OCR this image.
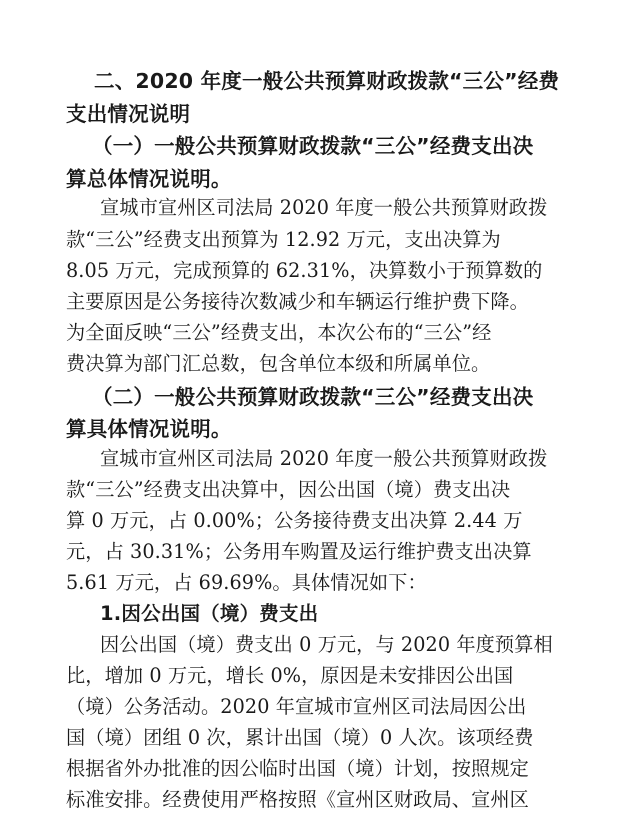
二、2020 年度一般公共预算财政拨款“三公”经费
支出情况说明
（一）一般公共预算财政拨款“三公”经费支出决
算总体情况说明。
宣城市宣州区司法局 2020 年度一般公共预算财政拨
款“三公”经费支出预算为 12.92 万元，支出决算为
8.05 万元，完成预算的 62.31%，决算数小于预算数的
主要原因是公务接待次数减少和车辆运行维护费下降。
为全面反映“三公”经费支出，本次公布的“三公”经
费决算为部门汇总数，包含单位本级和所属单位。
（二）一般公共预算财政拨款“三公”经费支出决
算具体情况说明。
宣城市宣州区司法局 2020 年度一般公共预算财政拨
款“三公”经费支出决算中，因公出国（境）费支出决
算 0 万元，占 0.00%；公务接待费支出决算 2.44 万
元，占 30.31%；公务用车购置及运行维护费支出决算
5.61 万元，占 69.69%。具体情况如下：
1.因公出国（境）费支出
因公出国（境）费支出 0 万元，与 2020 年度预算相
比，增加 0 万元，增长 0%，原因是未安排因公出国
（境）公务活动。2020 年宣城市宣州区司法局因公出
国（境）团组 0 次，累计出国（境）0 人次。该项经费
根据省外办批准的因公临时出国（境）计划，按照规定
标准安排。经费使用严格按照《宣州区财政局、宣州区
